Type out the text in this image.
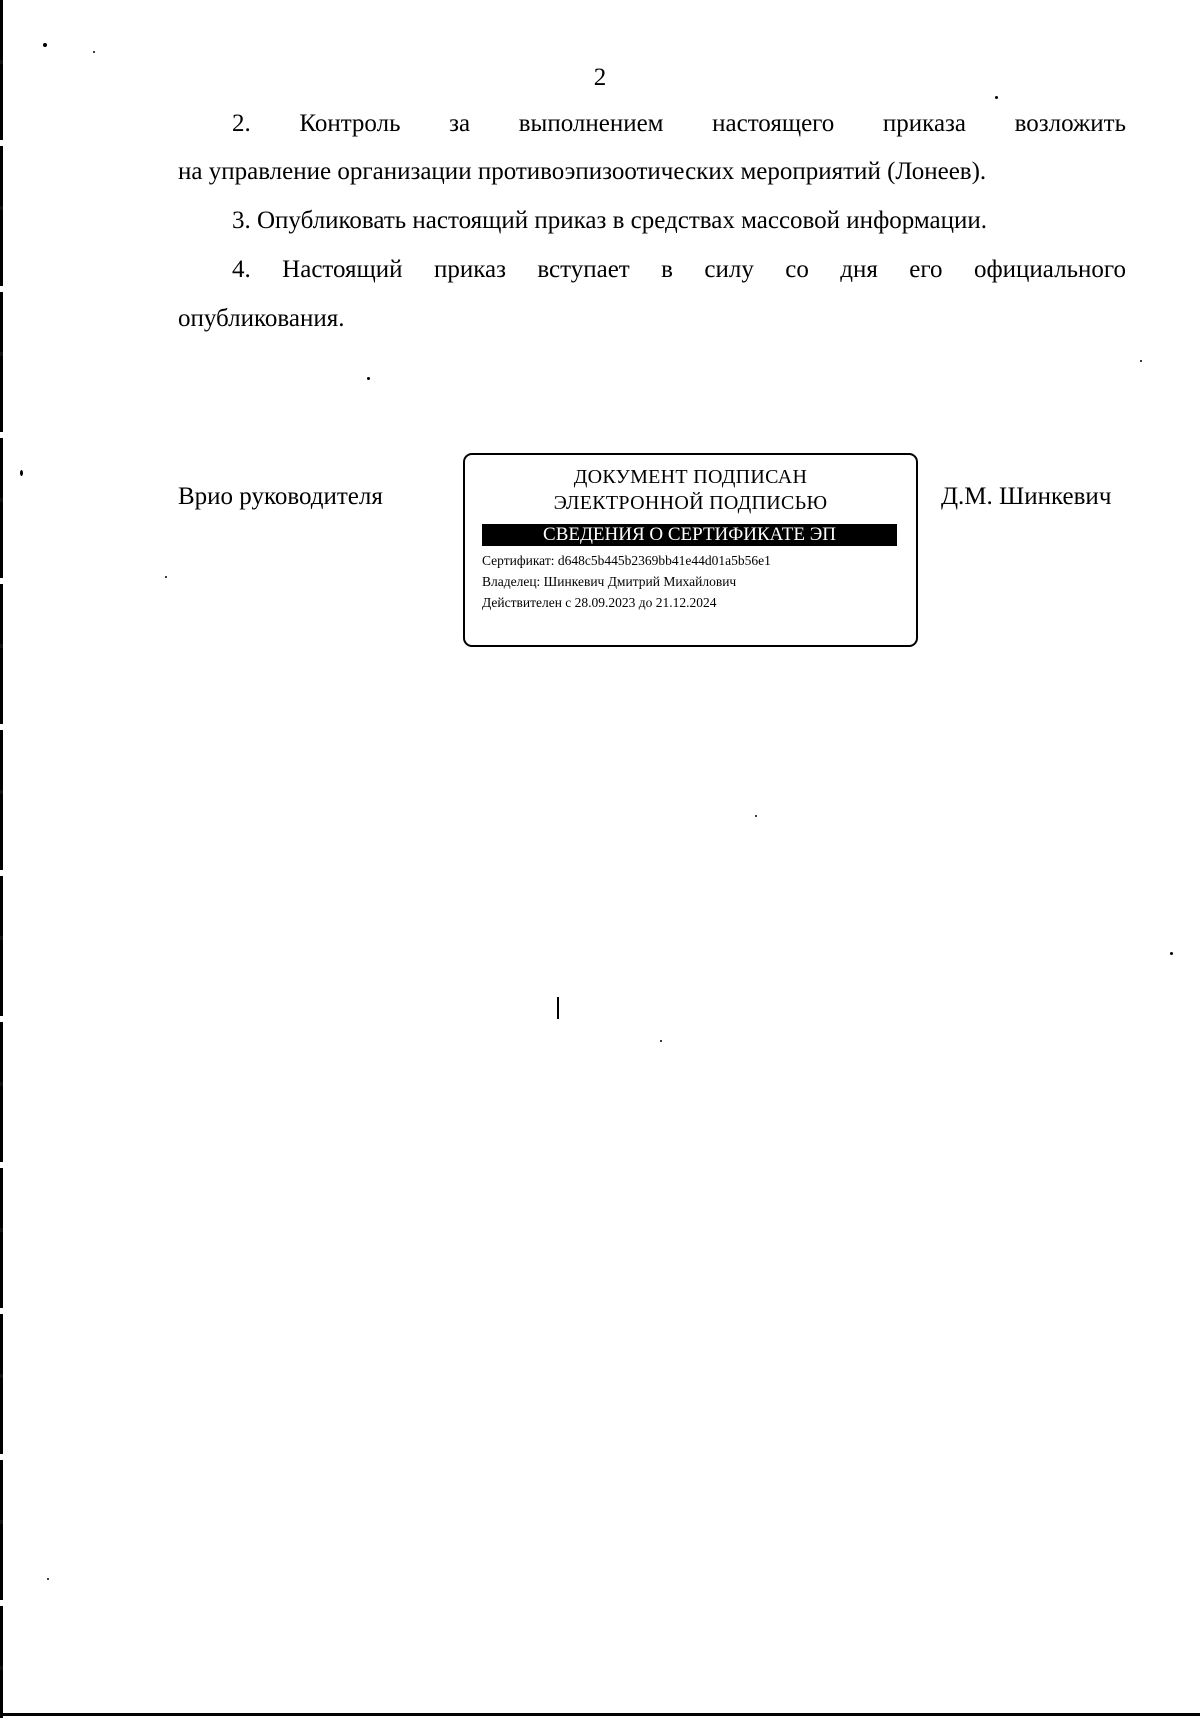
2

2. Контроль за выполнением настоящего приказа возложить

на управление организации противоэпизоотических мероприятий (Лонеев).

3. Опубликовать настоящий приказ в средствах массовой информации.

4. Настоящий приказ вступает в силу со дня его официального

опубликования.

Врио руководителя	Д.М. Шинкевич
ДОКУМЕНТ ПОДПИСАН
ЭЛЕКТРОННОЙ ПОДПИСЬЮ
СВЕДЕНИЯ О СЕРТИФИКАТЕ ЭП
Сертификат: d648c5b445b2369bb41e44d01a5b56e1
Владелец: Шинкевич Дмитрий Михайлович
Действителен с 28.09.2023 до 21.12.2024
